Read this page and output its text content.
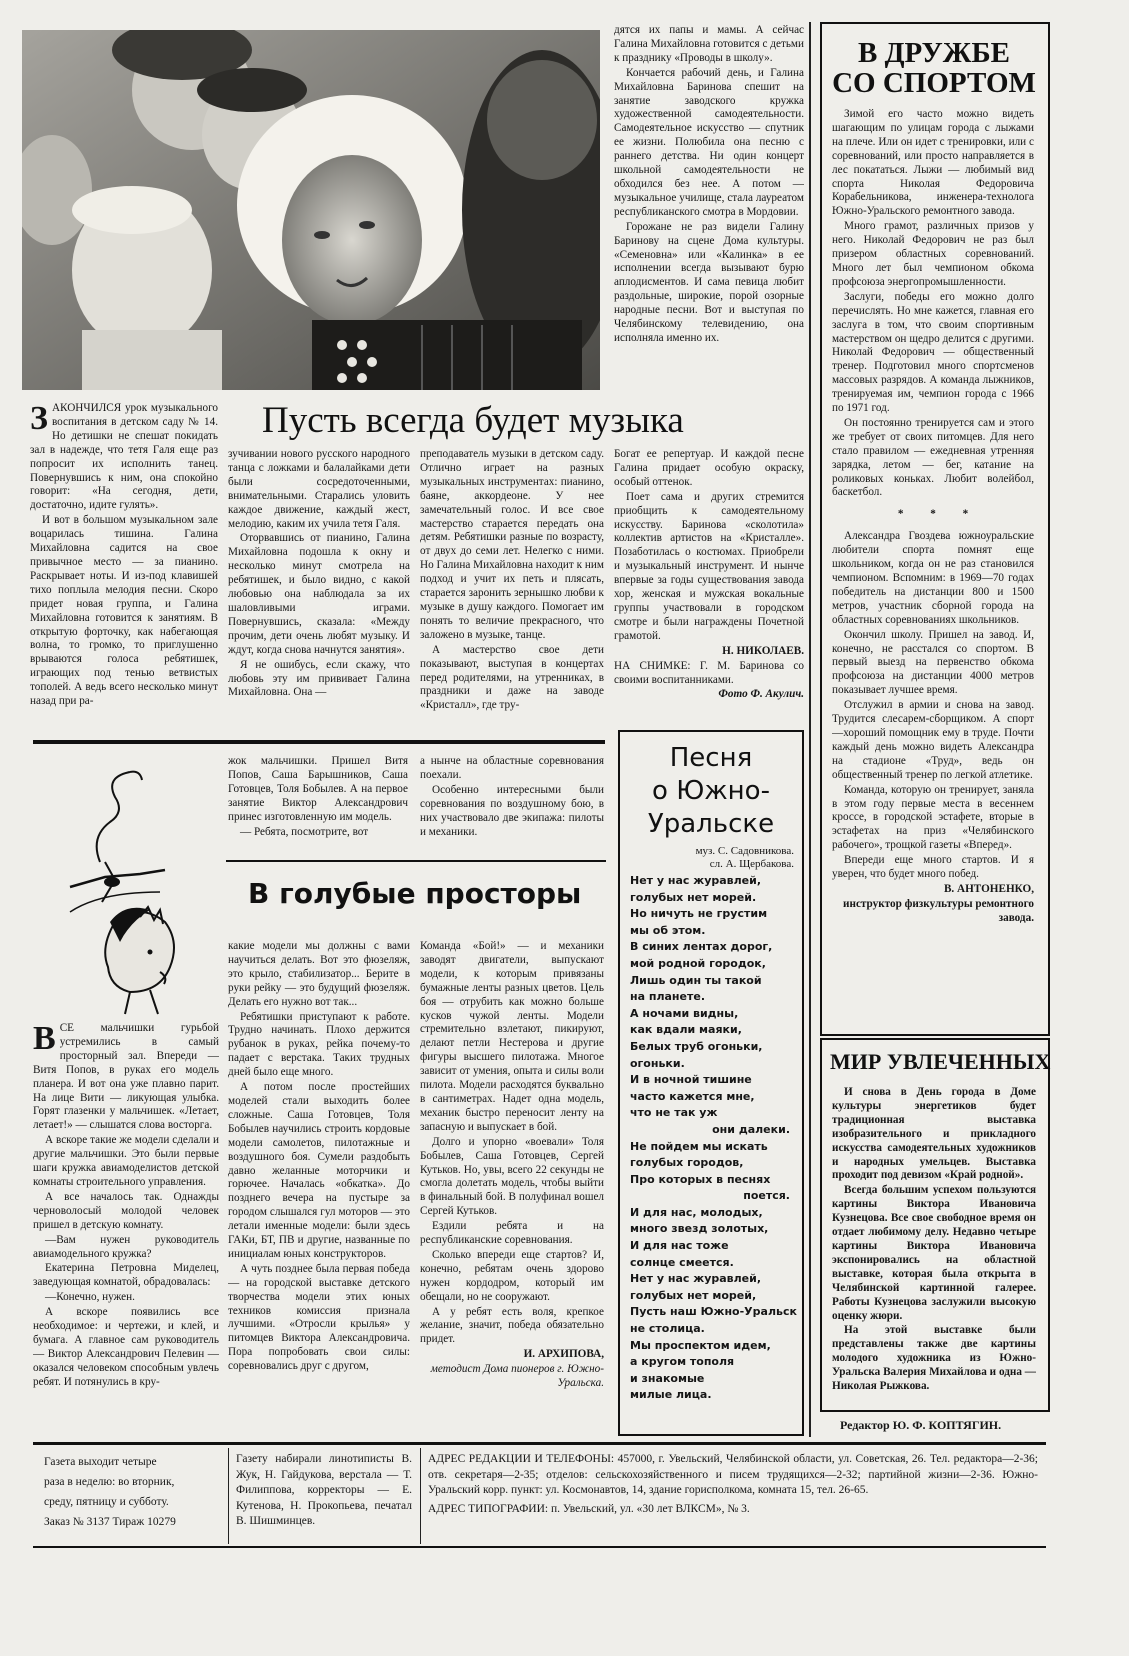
дятся их папы и мамы. А сейчас Галина Михайловна готовится с детьми к празднику «Проводы в школу».

Кончается рабочий день, и Галина Михайловна Баринова спешит на занятие заводского кружка художественной самодеятельности. Самодеятельное искусство — спутник ее жизни. Полюбила она песню с раннего детства. Ни один концерт школьной самодеятельности не обходился без нее. А потом — музыкальное училище, стала лауреатом республиканского смотра в Мордовии.

Горожане не раз видели Галину Баринову на сцене Дома культуры. «Семеновна» или «Калинка» в ее исполнении всегда вызывают бурю аплодисментов. И сама певица любит раздольные, широкие, порой озорные народные песни. Вот и выступая по Челябинскому телевидению, она исполняла именно их.

Пусть всегда будет музыка

ЗАКОНЧИЛСЯ урок музыкального воспитания в детском саду № 14. Но детишки не спешат покидать зал в надежде, что тетя Галя еще раз попросит их исполнить танец. Повернувшись к ним, она спокойно говорит: «На сегодня, дети, достаточно, идите гулять».

И вот в большом музыкальном зале воцарилась тишина. Галина Михайловна садится на свое привычное место — за пианино. Раскрывает ноты. И из-под клавишей тихо поплыла мелодия песни. Скоро придет новая группа, и Галина Михайловна готовится к занятиям. В открытую форточку, как набегающая волна, то громко, то приглушенно врываются голоса ребятишек, играющих под тенью ветвистых тополей. А ведь всего несколько минут назад при ра-

зучивании нового русского народного танца с ложками и балалайками дети были сосредоточенными, внимательными. Старались уловить каждое движение, каждый жест, мелодию, каким их учила тетя Галя.

Оторвавшись от пианино, Галина Михайловна подошла к окну и несколько минут смотрела на ребятишек, и было видно, с какой любовью она наблюдала за их шаловливыми играми. Повернувшись, сказала: «Между прочим, дети очень любят музыку. И ждут, когда снова начнутся занятия».

Я не ошибусь, если скажу, что любовь эту им прививает Галина Михайловна. Она —

преподаватель музыки в детском саду. Отлично играет на разных музыкальных инструментах: пианино, баяне, аккордеоне. У нее замечательный голос. И все свое мастерство старается передать она детям. Ребятишки разные по возрасту, от двух до семи лет. Нелегко с ними. Но Галина Михайловна находит к ним подход и учит их петь и плясать, старается заронить зернышко любви к музыке в душу каждого. Помогает им понять то величие прекрасного, что заложено в музыке, танце.

А мастерство свое дети показывают, выступая в концертах перед родителями, на утренниках, в праздники и даже на заводе «Кристалл», где тру-

Богат ее репертуар. И каждой песне Галина придает особую окраску, особый оттенок.

Поет сама и других стремится приобщить к самодеятельному искусству. Баринова «сколотила» коллектив артистов на «Кристалле». Позаботилась о костюмах. Приобрели и музыкальный инструмент. И нынче впервые за годы существования завода хор, женская и мужская вокальные группы участвовали в городском смотре и были награждены Почетной грамотой.

Н. НИКОЛАЕВ.

НА СНИМКЕ: Г. М. Баринова со своими воспитанниками.

Фото Ф. Акулич.

В ДРУЖБЕ
СО СПОРТОМ

Зимой его часто можно видеть шагающим по улицам города с лыжами на плече. Или он идет с тренировки, или с соревнований, или просто направляется в лес покататься. Лыжи — любимый вид спорта Николая Федоровича Корабельникова, инженера-технолога Южно-Уральского ремонтного завода.

Много грамот, различных призов у него. Николай Федорович не раз был призером областных соревнований. Много лет был чемпионом обкома профсоюза энергопромышленности.

Заслуги, победы его можно долго перечислять. Но мне кажется, главная его заслуга в том, что своим спортивным мастерством он щедро делится с другими. Николай Федорович — общественный тренер. Подготовил много спортсменов массовых разрядов. А команда лыжников, тренируемая им, чемпион города с 1966 по 1971 год.

Он постоянно тренируется сам и этого же требует от своих питомцев. Для него стало правилом — ежедневная утренняя зарядка, летом — бег, катание на роликовых коньках. Любит волейбол, баскетбол.

* * *

Александра Гвоздева южноуральские любители спорта помнят еще школьником, когда он не раз становился чемпионом. Вспомним: в 1969—70 годах победитель на дистанции 800 и 1500 метров, участник сборной города на областных соревнованиях школьников.

Окончил школу. Пришел на завод. И, конечно, не расстался со спортом. В первый выезд на первенство обкома профсоюза на дистанции 4000 метров показывает лучшее время.

Отслужил в армии и снова на завод. Трудится слесарем-сборщиком. А спорт—хороший помощник ему в труде. Почти каждый день можно видеть Александра на стадионе «Труд», ведь он общественный тренер по легкой атлетике.

Команда, которую он тренирует, заняла в этом году первые места в весеннем кроссе, в городской эстафете, вторые в эстафетах на приз «Челябинского рабочего», трощкой газеты «Вперед».

Впереди еще много стартов. И я уверен, что будет много побед.

В. АНТОНЕНКО,

инструктор физкультуры ремонтного завода.

МИР УВЛЕЧЕННЫХ

И снова в День города в Доме культуры энергетиков будет традиционная выставка изобразительного и прикладного искусства самодеятельных художников и народных умельцев. Выставка проходит под девизом «Край родной».

Всегда большим успехом пользуются картины Виктора Ивановича Кузнецова. Все свое свободное время он отдает любимому делу. Недавно четыре картины Виктора Ивановича экспонировались на областной выставке, которая была открыта в Челябинской картинной галерее. Работы Кузнецова заслужили высокую оценку жюри.

На этой выставке были представлены также две картины молодого художника из Южно-Уральска Валерия Михайлова и одна — Николая Рыжкова.

Редактор Ю. Ф. КОПТЯГИН.
Песня
о Южно-
Уральске
муз. С. Садовникова.
сл. А. Щербакова.
Нет у нас журавлей,
голубых нет морей.
Но ничуть не грустим
мы об этом.
В синих лентах дорог,
мой родной городок,
Лишь один ты такой
на планете.
А ночами видны,
как вдали маяки,
Белых труб огоньки,
огоньки.
И в ночной тишине
часто кажется мне,
что не так уж
они далеки.
Не пойдем мы искать
голубых городов,
Про которых в песнях
поется.
И для нас, молодых,
много звезд золотых,
И для нас тоже
солнце смеется.
Нет у нас журавлей,
голубых нет морей,
Пусть наш Южно-Уральск
не столица.
Мы проспектом идем,
а кругом тополя
и знакомые
милые лица.

жок мальчишки. Пришел Витя Попов, Саша Барышников, Саша Готовцев, Толя Бобылев. А на первое занятие Виктор Александрович принес изготовленную им модель.

— Ребята, посмотрите, вот

а нынче на областные соревнования поехали.

Особенно интересными были соревнования по воздушному бою, в них участвовало две экипажа: пилоты и механики.

В голубые просторы

ВСЕ мальчишки гурьбой устремились в самый просторный зал. Впереди — Витя Попов, в руках его модель планера. И вот она уже плавно парит. На лице Вити — ликующая улыбка. Горят глазенки у мальчишек. «Летает, летает!» — слышатся слова восторга.

А вскоре такие же модели сделали и другие мальчишки. Это были первые шаги кружка авиамоделистов детской комнаты строительного управления.

А все началось так. Однажды черноволосый молодой человек пришел в детскую комнату.

—Вам нужен руководитель авиамодельного кружка?

Екатерина Петровна Миделец, заведующая комнатой, обрадовалась:

—Конечно, нужен.

А вскоре появились все необходимое: и чертежи, и клей, и бумага. А главное сам руководитель — Виктор Александрович Пелевин — оказался человеком способным увлечь ребят. И потянулись в кру-

какие модели мы должны с вами научиться делать. Вот это фюзеляж, это крыло, стабилизатор... Берите в руки рейку — это будущий фюзеляж. Делать его нужно вот так...

Ребятишки приступают к работе. Трудно начинать. Плохо держится рубанок в руках, рейка почему-то падает с верстака. Таких трудных дней было еще много.

А потом после простейших моделей стали выходить более сложные. Саша Готовцев, Толя Бобылев научились строить кордовые модели самолетов, пилотажные и воздушного боя. Сумели раздобыть давно желанные моторчики и горючее. Началась «обкатка». До позднего вечера на пустыре за городом слышался гул моторов — это летали именные модели: были здесь ГАКи, БТ, ПВ и другие, названные по инициалам юных конструкторов.

А чуть позднее была первая победа — на городской выставке детского творчества модели этих юных техников комиссия признала лучшими. «Отросли крылья» у питомцев Виктора Александровича. Пора попробовать свои силы: соревновались друг с другом,

Команда «Бой!» — и механики заводят двигатели, выпускают модели, к которым привязаны бумажные ленты разных цветов. Цель боя — отрубить как можно больше кусков чужой ленты. Модели стремительно взлетают, пикируют, делают петли Нестерова и другие фигуры высшего пилотажа. Многое зависит от умения, опыта и силы воли пилота. Модели расходятся буквально в сантиметрах. Надет одна модель, механик быстро переносит ленту на запасную и выпускает в бой.

Долго и упорно «воевали» Толя Бобылев, Саша Готовцев, Сергей Кутьков. Но, увы, всего 22 секунды не смогла долетать модель, чтобы выйти в финальный бой. В полуфинал вошел Сергей Кутьков.

Ездили ребята и на республиканские соревнования.

Сколько впереди еще стартов? И, конечно, ребятам очень здорово нужен кордодром, который им обещали, но не сооружают.

А у ребят есть воля, крепкое желание, значит, победа обязательно придет.

И. АРХИПОВА,

методист Дома пионеров г. Южно-Уральска.

Газета выходит четыре
раза в неделю: во вторник,
среду, пятницу и субботу.
Заказ № 3137 Тираж 10279

Газету набирали линотиписты В. Жук, Н. Гайдукова, верстала — Т. Филиппова, корректоры — Е. Кутенова, Н. Прокопьева, печатал В. Шишминцев.

АДРЕС РЕДАКЦИИ И ТЕЛЕФОНЫ: 457000, г. Увельский, Челябинской области, ул. Советская, 26. Тел. редактора—2-36; отв. секретаря—2-35; отделов: сельскохозяйственного и писем трудящихся—2-32; партийной жизни—2-36. Южно-Уральский корр. пункт: ул. Космонавтов, 14, здание горисполкома, комната 15, тел. 26-65.

АДРЕС ТИПОГРАФИИ: п. Увельский, ул. «30 лет ВЛКСМ», № 3.
